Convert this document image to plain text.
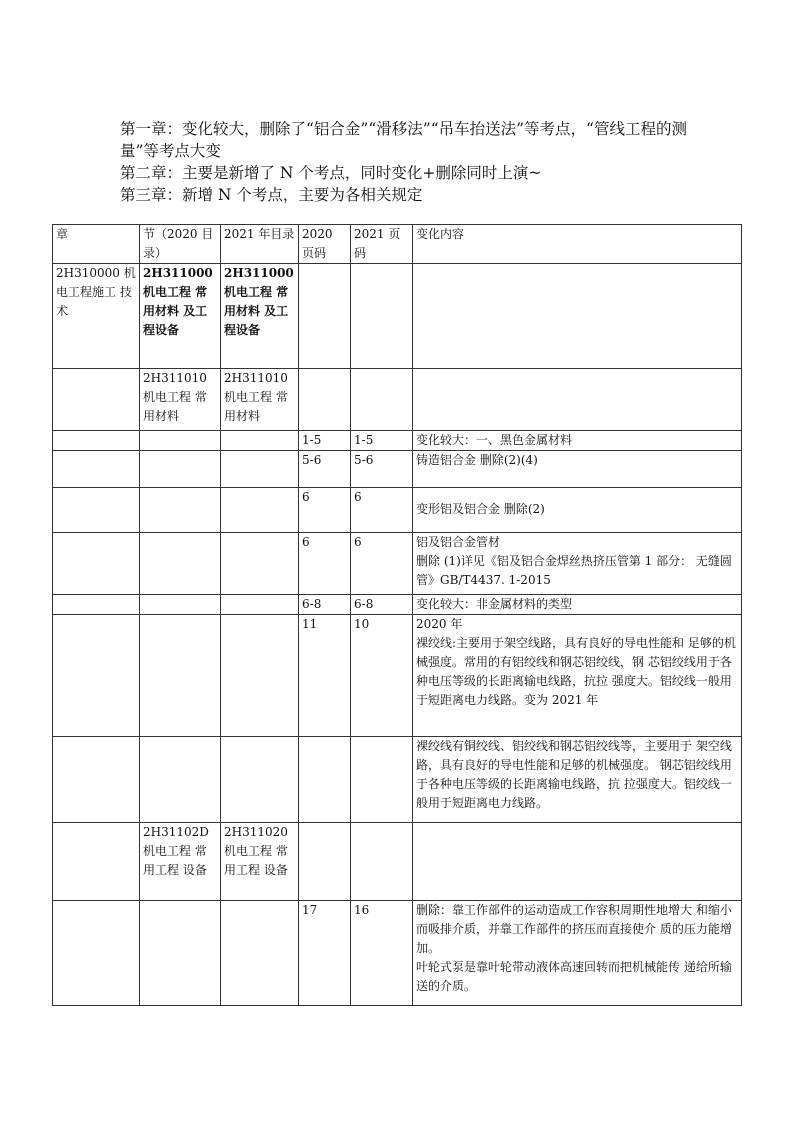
第一章：变化较大，删除了“铝合金”“滑移法”“吊车抬送法”等考点，“管线工程的测量”等考点大变

第二章：主要是新增了 N 个考点，同时变化+删除同时上演~

第三章：新增 N 个考点，主要为各相关规定

章	节（2020 目录）	2021 年目录	2020 页码	2021 页码	变化内容
2H310000 机电工程施工 技术	2H311000 机电工程 常用材料 及工程设备	2H311000 机电工程 常用材料 及工程设备			
	2H311010 机电工程 常用材料	2H311010 机电工程 常用材料			
			1-5	1-5	变化较大：一、黑色金属材料
			5-6	5-6	铸造铝合金 删除(2)(4)
			6	6	变形铝及铝合金 删除(2)
			6	6	铝及铝合金管材
删除 (1)详见《铝及铝合金焊丝热挤压管第 1 部分： 无缝圆管》GB/T4437. 1-2015
			6-8	6-8	变化较大：非金属材料的类型
			11	10	2020 年
裸绞线:主要用于架空线路，具有良好的导电性能和 足够的机械强度。常用的有铝绞线和钢芯铝绞线，钢 芯铝绞线用于各种电压等级的长距离输电线路，抗拉 强度大。铝绞线一般用于短距离电力线路。变为 2021 年
					裸绞线有铜绞线、铝绞线和钢芯铝绞线等，主要用于 架空线路，具有良好的导电性能和足够的机械强度。 钢芯铝绞线用于各种电压等级的长距离输电线路，抗 拉强度大。铝绞线一般用于短距离电力线路。
	2H31102D 机电工程 常用工程 设备	2H311020 机电工程 常用工程 设备			
			17	16	删除：靠工作部件的运动造成工作容积周期性地增大 和缩小而吸排介质，并靠工作部件的挤压而直接使介 质的压力能增加。
叶轮式泵是靠叶轮带动液体高速回转而把机械能传 递给所输送的介质。
